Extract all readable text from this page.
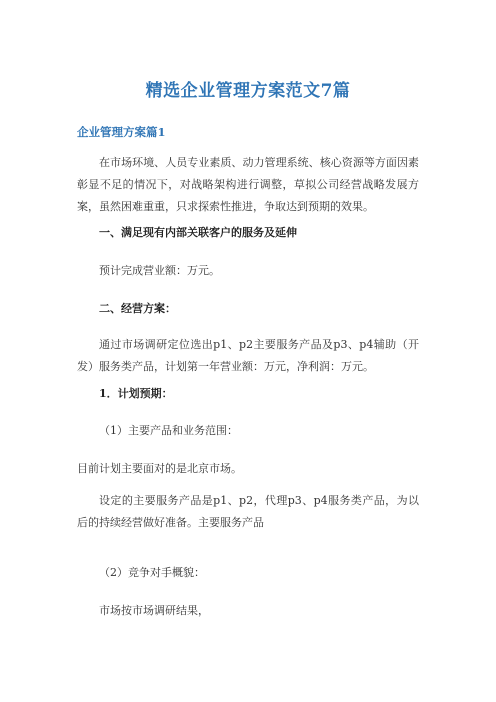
精选企业管理方案范文7篇
企业管理方案篇1

在市场环境、人员专业素质、动力管理系统、核心资源等方面因素彰显不足的情况下，对战略架构进行调整，草拟公司经营战略发展方案，虽然困难重重，只求探索性推进，争取达到预期的效果。

一、满足现有内部关联客户的服务及延伸

预计完成营业额：万元。

二、经营方案：

通过市场调研定位选出p1、p2主要服务产品及p3、p4辅助（开发）服务类产品，计划第一年营业额：万元，净利润：万元。

1．计划预期：

（1）主要产品和业务范围：

目前计划主要面对的是北京市场。

设定的主要服务产品是p1、p2，代理p3、p4服务类产品，为以后的持续经营做好准备。主要服务产品

（2）竞争对手概貌：

市场按市场调研结果，
